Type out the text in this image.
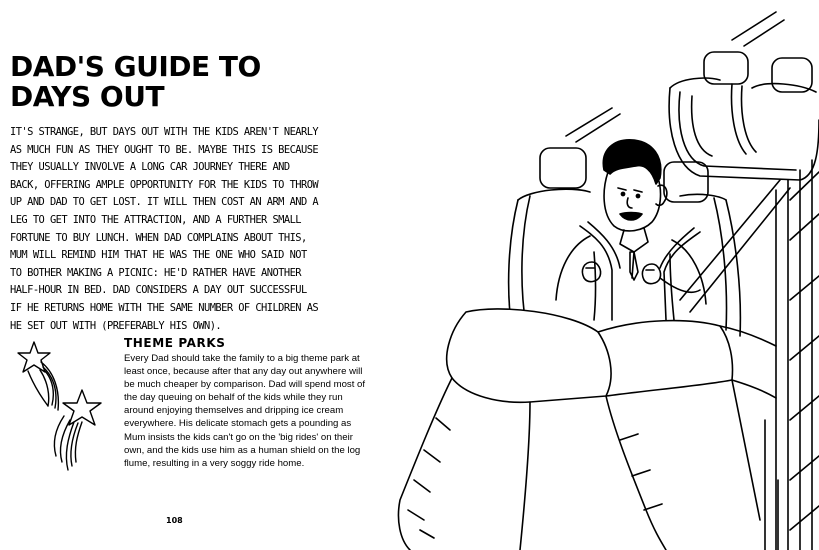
DAD'S GUIDE TO
DAYS OUT

IT'S STRANGE, BUT DAYS OUT WITH THE KIDS AREN'T NEARLY AS MUCH FUN AS THEY OUGHT TO BE. MAYBE THIS IS BECAUSE THEY USUALLY INVOLVE A LONG CAR JOURNEY THERE AND BACK, OFFERING AMPLE OPPORTUNITY FOR THE KIDS TO THROW UP AND DAD TO GET LOST. IT WILL THEN COST AN ARM AND A LEG TO GET INTO THE ATTRACTION, AND A FURTHER SMALL FORTUNE TO BUY LUNCH. WHEN DAD COMPLAINS ABOUT THIS, MUM WILL REMIND HIM THAT HE WAS THE ONE WHO SAID NOT TO BOTHER MAKING A PICNIC: HE'D RATHER HAVE ANOTHER HALF-HOUR IN BED. DAD CONSIDERS A DAY OUT SUCCESSFUL IF HE RETURNS HOME WITH THE SAME NUMBER OF CHILDREN AS HE SET OUT WITH (PREFERABLY HIS OWN).

THEME PARKS

Every Dad should take the family to a big theme park at least once, because after that any day out anywhere will be much cheaper by comparison. Dad will spend most of the day queuing on behalf of the kids while they run around enjoying themselves and dripping ice cream everywhere. His delicate stomach gets a pounding as Mum insists the kids can't go on the 'big rides' on their own, and the kids use him as a human shield on the log flume, resulting in a very soggy ride home.

108
